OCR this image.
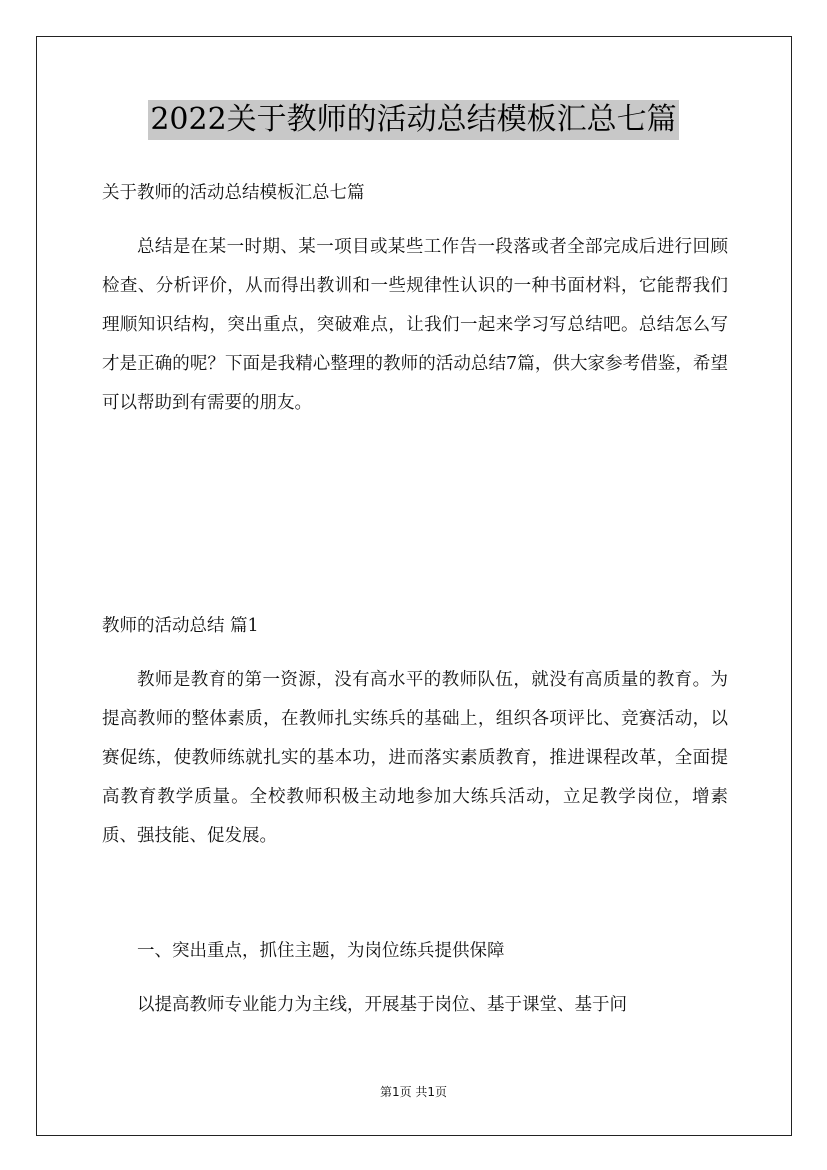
2022关于教师的活动总结模板汇总七篇

关于教师的活动总结模板汇总七篇

总结是在某一时期、某一项目或某些工作告一段落或者全部完成后进行回顾检查、分析评价，从而得出教训和一些规律性认识的一种书面材料，它能帮我们理顺知识结构，突出重点，突破难点，让我们一起来学习写总结吧。总结怎么写才是正确的呢？下面是我精心整理的教师的活动总结7篇，供大家参考借鉴，希望可以帮助到有需要的朋友。

教师的活动总结 篇1

教师是教育的第一资源，没有高水平的教师队伍，就没有高质量的教育。为提高教师的整体素质，在教师扎实练兵的基础上，组织各项评比、竞赛活动，以赛促练，使教师练就扎实的基本功，进而落实素质教育，推进课程改革，全面提高教育教学质量。全校教师积极主动地参加大练兵活动，立足教学岗位，增素质、强技能、促发展。

一、突出重点，抓住主题，为岗位练兵提供保障

以提高教师专业能力为主线，开展基于岗位、基于课堂、基于问

第1页 共1页
